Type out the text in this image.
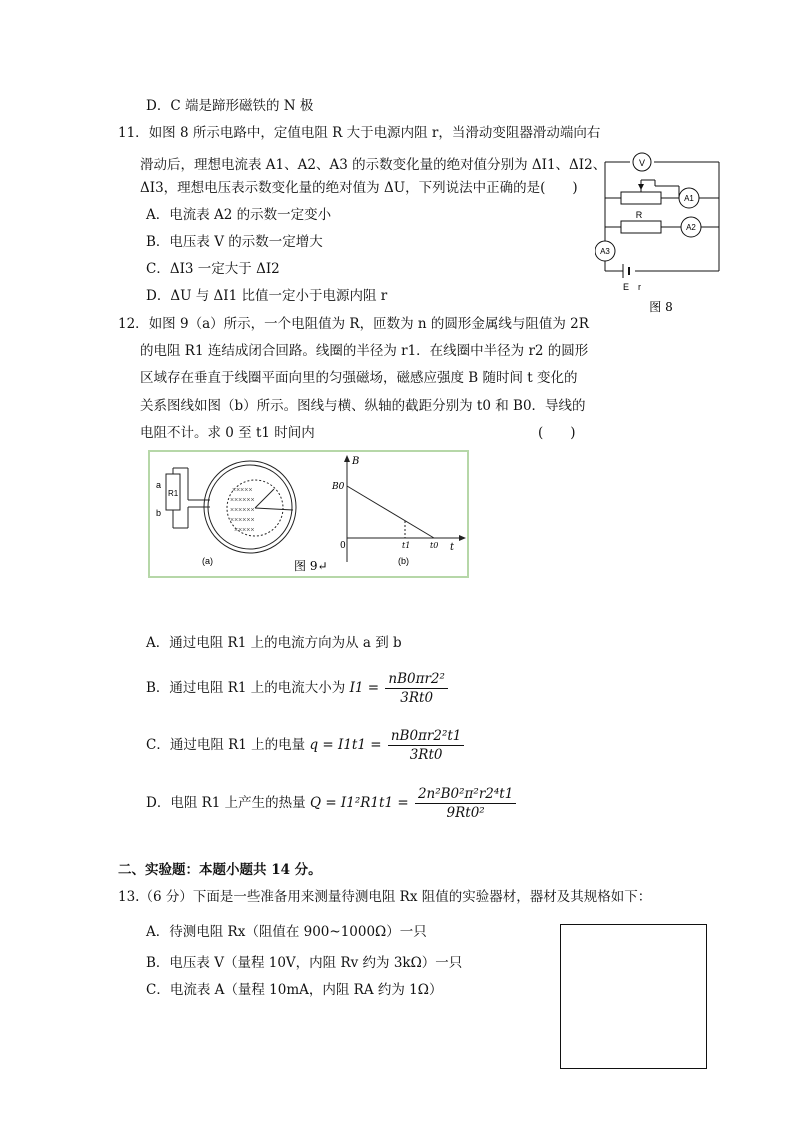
D．C 端是蹄形磁铁的 N 极
11．如图 8 所示电路中，定值电阻 R 大于电源内阻 r，当滑动变阻器滑动端向右
滑动后，理想电流表 A1、A2、A3 的示数变化量的绝对值分别为 ΔI1、ΔI2、
ΔI3，理想电压表示数变化量的绝对值为 ΔU，下列说法中正确的是(　　)
A．电流表 A2 的示数一定变小
B．电压表 V 的示数一定增大
C．ΔI3 一定大于 ΔI2
D．ΔU 与 ΔI1 比值一定小于电源内阻 r
V
A1
A2
A3
R
E　r
图 8
12．如图 9（a）所示，一个电阻值为 R，匝数为 n 的圆形金属线与阻值为 2R
的电阻 R1 连结成闭合回路。线圈的半径为 r1．在线圈中半径为 r2 的圆形
区域存在垂直于线圈平面向里的匀强磁场，磁感应强度 B 随时间 t 变化的
关系图线如图（b）所示。图线与横、纵轴的截距分别为 t0 和 B0．导线的
电阻不计。求 0 至 t1 时间内	(　　)
×××××
××××××
××××××
××××××
×××××
a
b
R1
(a)	(b)
B
t
B0
0	t1 t0
图 9↵
A．通过电阻 R1 上的电流方向为从 a 到 b
B．通过电阻 R1 上的电流大小为 $I1 = \frac{\text{nB0πr2²}}{3Rt0}$
C．通过电阻 R1 上的电量 $q = I1t1 = \frac{\text{nB0πr2²t1}}{3Rt0}$
D．电阻 R1 上产生的热量 $Q = I1^2R1t1 = \frac{\text{2n²B0²π²r2⁴t1}}{\text{9Rt0²}}$
二、实验题：本题小题共 14 分。
13.（6 分）下面是一些准备用来测量待测电阻 Rx 阻值的实验器材，器材及其规格如下：
A．待测电阻 Rx（阻值在 900~1000Ω）一只
B．电压表 V（量程 10V，内阻 Rv 约为 3kΩ）一只
C．电流表 A（量程 10mA，内阻 RA 约为 1Ω）
